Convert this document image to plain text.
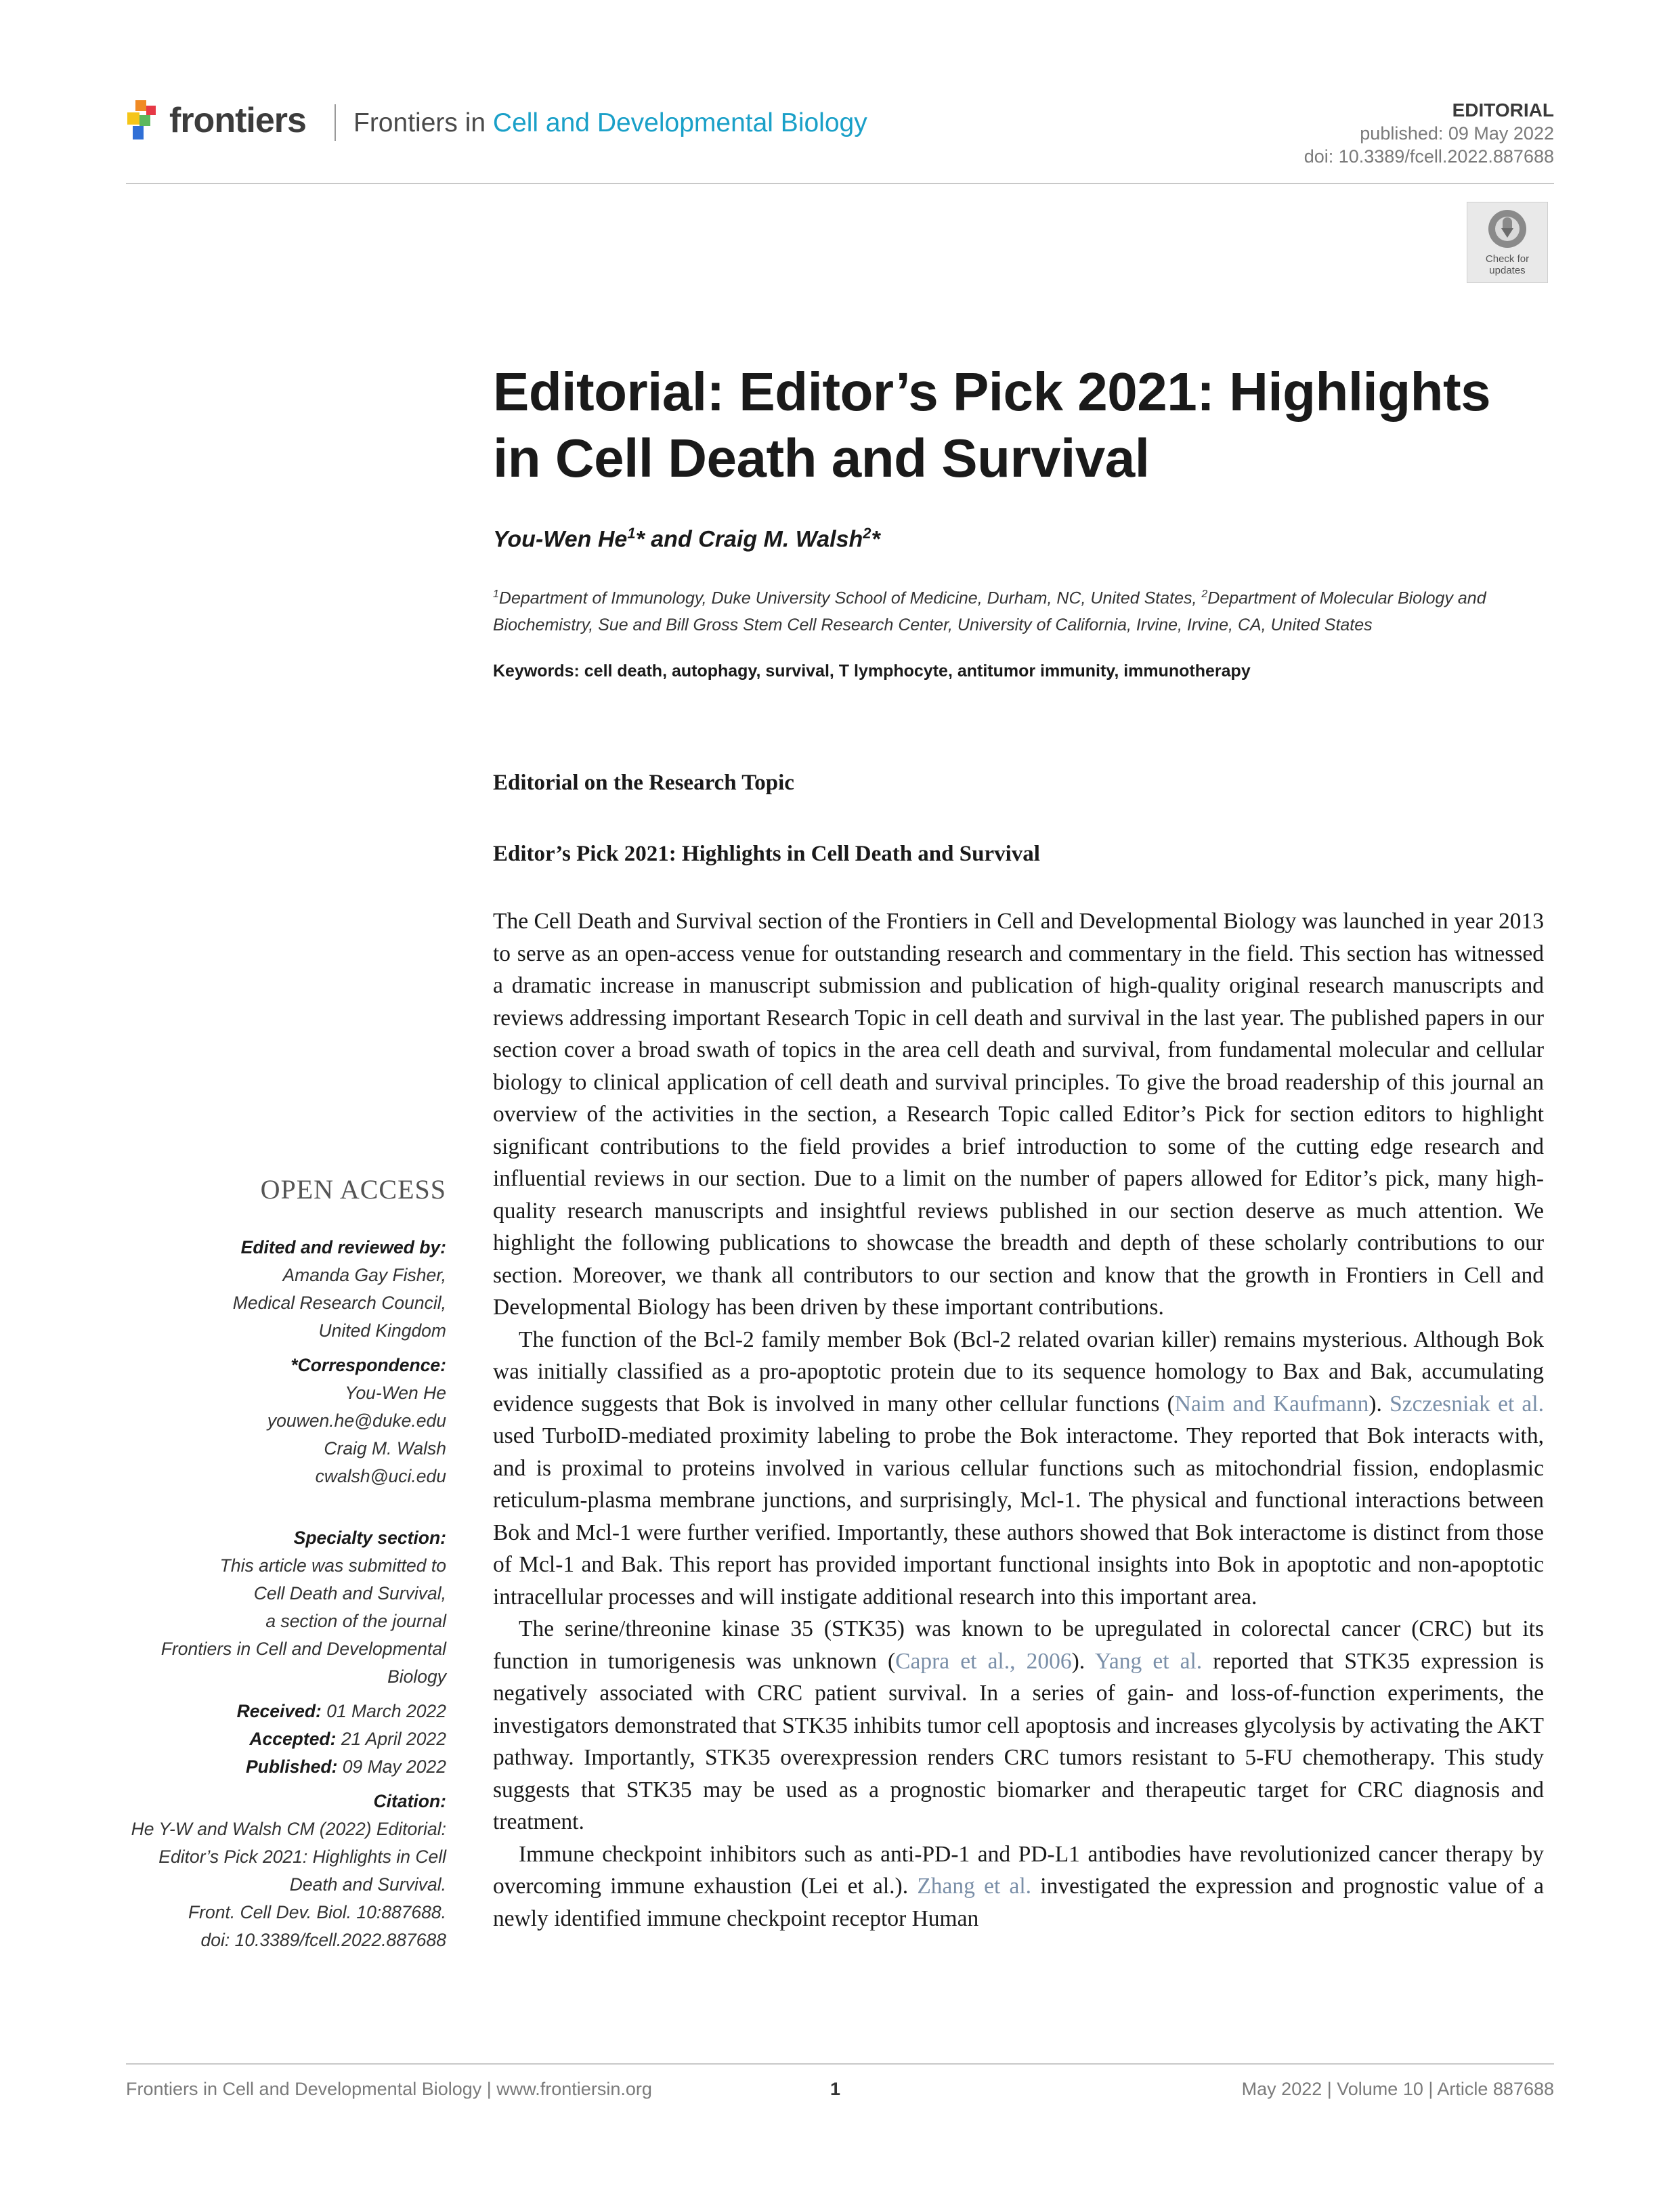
frontiers Frontiers in Cell and Developmental Biology	EDITORIAL
published: 09 May 2022
doi: 10.3389/fcell.2022.887688
Check for
updates
Editorial: Editor’s Pick 2021: Highlights
in Cell Death and Survival
You-Wen He$^1$* and Craig M. Walsh$^2$*
$^1$Department of Immunology, Duke University School of Medicine, Durham, NC, United States, $^2$Department of Molecular Biology and Biochemistry, Sue and Bill Gross Stem Cell Research Center, University of California, Irvine, Irvine, CA, United States
Keywords: cell death, autophagy, survival, T lymphocyte, antitumor immunity, immunotherapy
Editorial on the Research Topic
Editor’s Pick 2021: Highlights in Cell Death and Survival

The Cell Death and Survival section of the Frontiers in Cell and Developmental Biology was launched in year 2013 to serve as an open-access venue for outstanding research and commentary in the field. This section has witnessed a dramatic increase in manuscript submission and publication of high-quality original research manuscripts and reviews addressing important Research Topic in cell death and survival in the last year. The published papers in our section cover a broad swath of topics in the area cell death and survival, from fundamental molecular and cellular biology to clinical application of cell death and survival principles. To give the broad readership of this journal an overview of the activities in the section, a Research Topic called Editor’s Pick for section editors to highlight significant contributions to the field provides a brief introduction to some of the cutting edge research and influential reviews in our section. Due to a limit on the number of papers allowed for Editor’s pick, many high-quality research manuscripts and insightful reviews published in our section deserve as much attention. We highlight the following publications to showcase the breadth and depth of these scholarly contributions to our section. Moreover, we thank all contributors to our section and know that the growth in Frontiers in Cell and Developmental Biology has been driven by these important contributions.

The function of the Bcl-2 family member Bok (Bcl-2 related ovarian killer) remains mysterious. Although Bok was initially classified as a pro-apoptotic protein due to its sequence homology to Bax and Bak, accumulating evidence suggests that Bok is involved in many other cellular functions (Naim and Kaufmann). Szczesniak et al. used TurboID-mediated proximity labeling to probe the Bok interactome. They reported that Bok interacts with, and is proximal to proteins involved in various cellular functions such as mitochondrial fission, endoplasmic reticulum-plasma membrane junctions, and surprisingly, Mcl-1. The physical and functional interactions between Bok and Mcl-1 were further verified. Importantly, these authors showed that Bok interactome is distinct from those of Mcl-1 and Bak. This report has provided important functional insights into Bok in apoptotic and non-apoptotic intracellular processes and will instigate additional research into this important area.

The serine/threonine kinase 35 (STK35) was known to be upregulated in colorectal cancer (CRC) but its function in tumorigenesis was unknown (Capra et al., 2006). Yang et al. reported that STK35 expression is negatively associated with CRC patient survival. In a series of gain- and loss-of-function experiments, the investigators demonstrated that STK35 inhibits tumor cell apoptosis and increases glycolysis by activating the AKT pathway. Importantly, STK35 overexpression renders CRC tumors resistant to 5-FU chemotherapy. This study suggests that STK35 may be used as a prognostic biomarker and therapeutic target for CRC diagnosis and treatment.

Immune checkpoint inhibitors such as anti-PD-1 and PD-L1 antibodies have revolutionized cancer therapy by overcoming immune exhaustion (Lei et al.). Zhang et al. investigated the expression and prognostic value of a newly identified immune checkpoint receptor Human

OPEN ACCESS
Edited and reviewed by:
Amanda Gay Fisher,
Medical Research Council,
United Kingdom
*Correspondence:
You-Wen He
youwen.he@duke.edu
Craig M. Walsh
cwalsh@uci.edu
Specialty section:
This article was submitted to
Cell Death and Survival,
a section of the journal
Frontiers in Cell and Developmental
Biology
Received: 01 March 2022
Accepted: 21 April 2022
Published: 09 May 2022
Citation:
He Y-W and Walsh CM (2022) Editorial:
Editor’s Pick 2021: Highlights in Cell
Death and Survival.
Front. Cell Dev. Biol. 10:887688.
doi: 10.3389/fcell.2022.887688
Frontiers in Cell and Developmental Biology | www.frontiersin.org	1	May 2022 | Volume 10 | Article 887688
